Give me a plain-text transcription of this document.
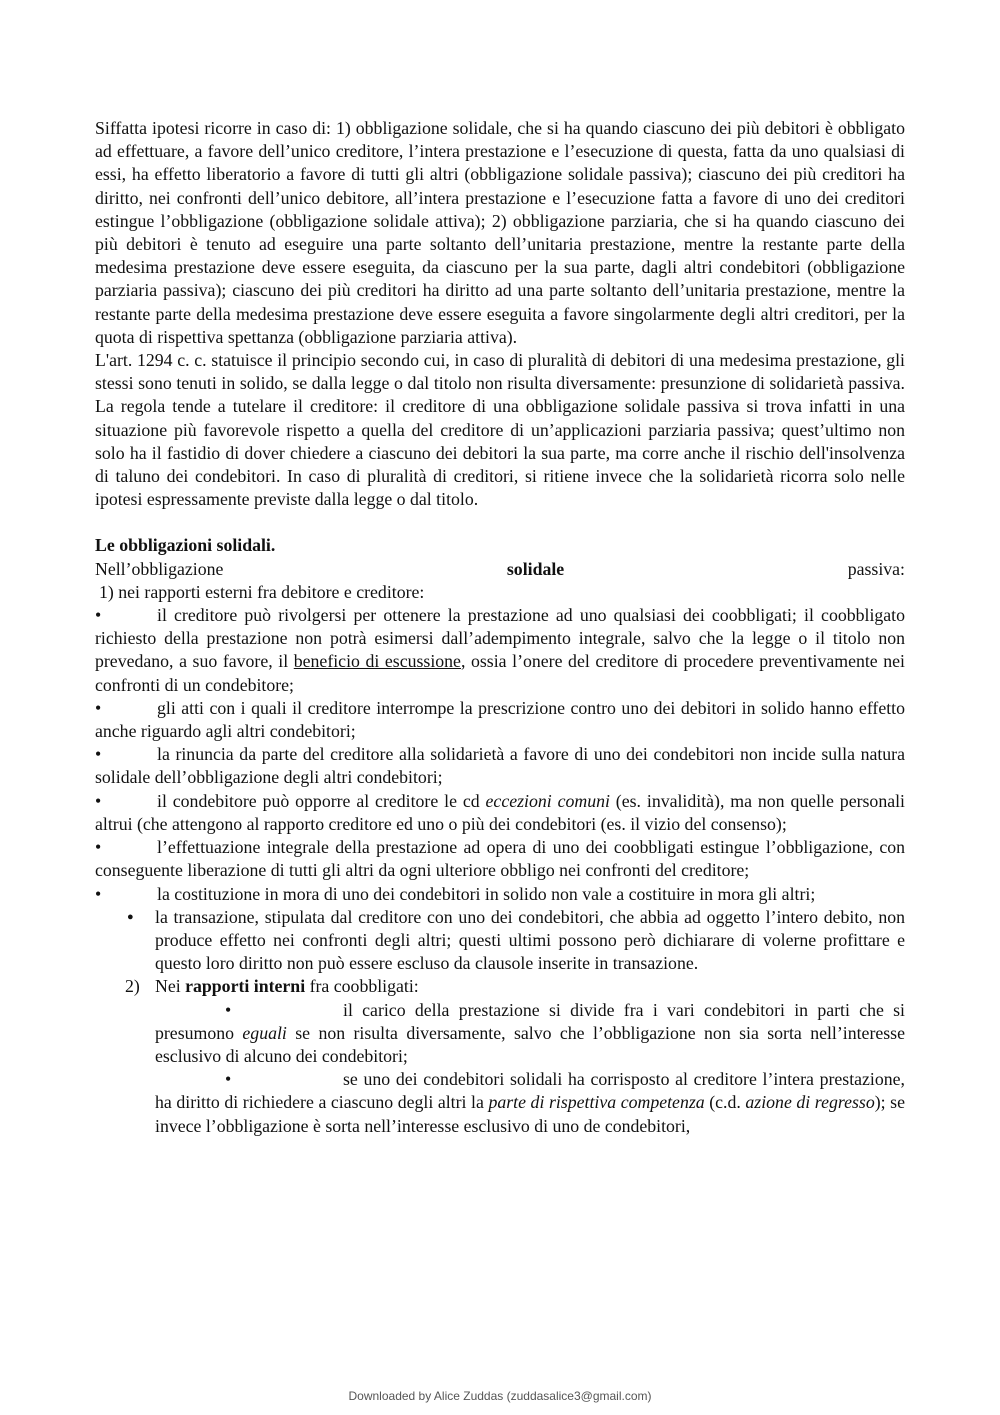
Siffatta ipotesi ricorre in caso di: 1) obbligazione solidale, che si ha quando ciascuno dei più debitori è obbligato ad effettuare, a favore dell’unico creditore, l’intera prestazione e l’esecuzione di questa, fatta da uno qualsiasi di essi, ha effetto liberatorio a favore di tutti gli altri (obbligazione solidale passiva); ciascuno dei più creditori ha diritto, nei confronti dell’unico debitore, all’intera prestazione e l’esecuzione fatta a favore di uno dei creditori estingue l’obbligazione (obbligazione solidale attiva); 2) obbligazione parziaria, che si ha quando ciascuno dei più debitori è tenuto ad eseguire una parte soltanto dell’unitaria prestazione, mentre la restante parte della medesima prestazione deve essere eseguita, da ciascuno per la sua parte, dagli altri condebitori (obbligazione parziaria passiva); ciascuno dei più creditori ha diritto ad una parte soltanto dell’unitaria prestazione, mentre la restante parte della medesima prestazione deve essere eseguita a favore singolarmente degli altri creditori, per la quota di rispettiva spettanza (obbligazione parziaria attiva).

L'art. 1294 c. c. statuisce il principio secondo cui, in caso di pluralità di debitori di una medesima prestazione, gli stessi sono tenuti in solido, se dalla legge o dal titolo non risulta diversamente: presunzione di solidarietà passiva. La regola tende a tutelare il creditore: il creditore di una obbligazione solidale passiva si trova infatti in una situazione più favorevole rispetto a quella del creditore di un’applicazioni parziaria passiva; quest’ultimo non solo ha il fastidio di dover chiedere a ciascuno dei debitori la sua parte, ma corre anche il rischio dell'insolvenza di taluno dei condebitori. In caso di pluralità di creditori, si ritiene invece che la solidarietà ricorra solo nelle ipotesi espressamente previste dalla legge o dal titolo.

Le obbligazioni solidali.

Nell’obbligazione	solidale	passiva:
1) nei rapporti esterni fra debitore e creditore:

•	il creditore può rivolgersi per ottenere la prestazione ad uno qualsiasi dei coobbligati; il coobbligato richiesto della prestazione non potrà esimersi dall’adempimento integrale, salvo che la legge o il titolo non prevedano, a suo favore, il beneficio di escussione, ossia l’onere del creditore di procedere preventivamente nei confronti di un condebitore;

•	gli atti con i quali il creditore interrompe la prescrizione contro uno dei debitori in solido hanno effetto anche riguardo agli altri condebitori;

•	la rinuncia da parte del creditore alla solidarietà a favore di uno dei condebitori non incide sulla natura solidale dell’obbligazione degli altri condebitori;

•	il condebitore può opporre al creditore le cd eccezioni comuni (es. invalidità), ma non quelle personali altrui (che attengono al rapporto creditore ed uno o più dei condebitori (es. il vizio del consenso);

•	l’effettuazione integrale della prestazione ad opera di uno dei coobbligati estingue l’obbligazione, con conseguente liberazione di tutti gli altri da ogni ulteriore obbligo nei confronti del creditore;

•	la costituzione in mora di uno dei condebitori in solido non vale a costituire in mora gli altri;

● la transazione, stipulata dal creditore con uno dei condebitori, che abbia ad oggetto l’intero debito, non produce effetto nei confronti degli altri; questi ultimi possono però dichiarare di volerne profittare e questo loro diritto non può essere escluso da clausole inserite in transazione.

2) Nei rapporti interni fra coobbligati:

•	il carico della prestazione si divide fra i vari condebitori in parti che si presumono eguali se non risulta diversamente, salvo che l’obbligazione non sia sorta nell’interesse esclusivo di alcuno dei condebitori;

•	se uno dei condebitori solidali ha corrisposto al creditore l’intera prestazione, ha diritto di richiedere a ciascuno degli altri la parte di rispettiva competenza (c.d. azione di regresso); se invece l’obbligazione è sorta nell’interesse esclusivo di uno de condebitori,

Downloaded by Alice Zuddas (zuddasalice3@gmail.com)
